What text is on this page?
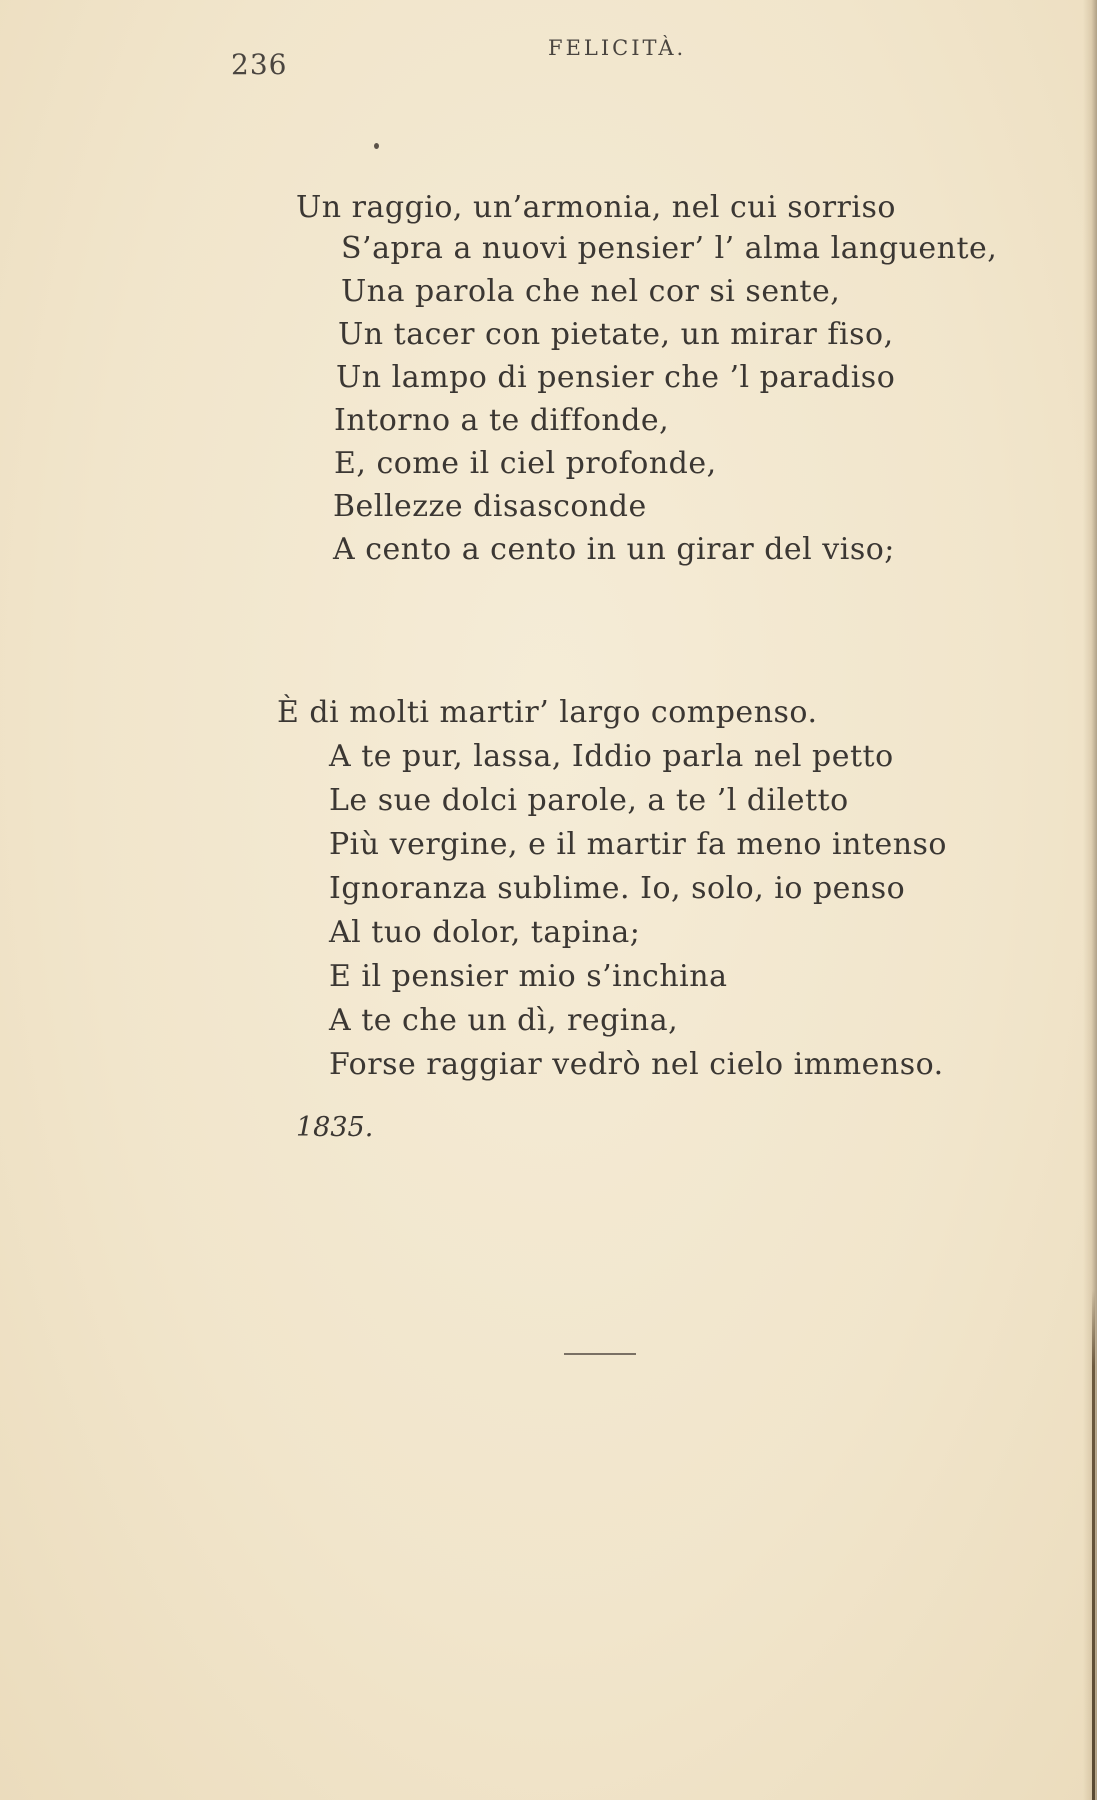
236	FELICITÀ.
Un raggio, un’armonia, nel cui sorriso
S’apra a nuovi pensier’ l’ alma languente,
Una parola che nel cor si sente,
Un tacer con pietate, un mirar fiso,
Un lampo di pensier che ’l paradiso
Intorno a te diffonde,
E, come il ciel profonde,
Bellezze disasconde
A cento a cento in un girar del viso;
È di molti martir’ largo compenso.
A te pur, lassa, Iddio parla nel petto
Le sue dolci parole, a te ’l diletto
Più vergine, e il martir fa meno intenso
Ignoranza sublime. Io, solo, io penso
Al tuo dolor, tapina;
E il pensier mio s’inchina
A te che un dì, regina,
Forse raggiar vedrò nel cielo immenso.
1835.
